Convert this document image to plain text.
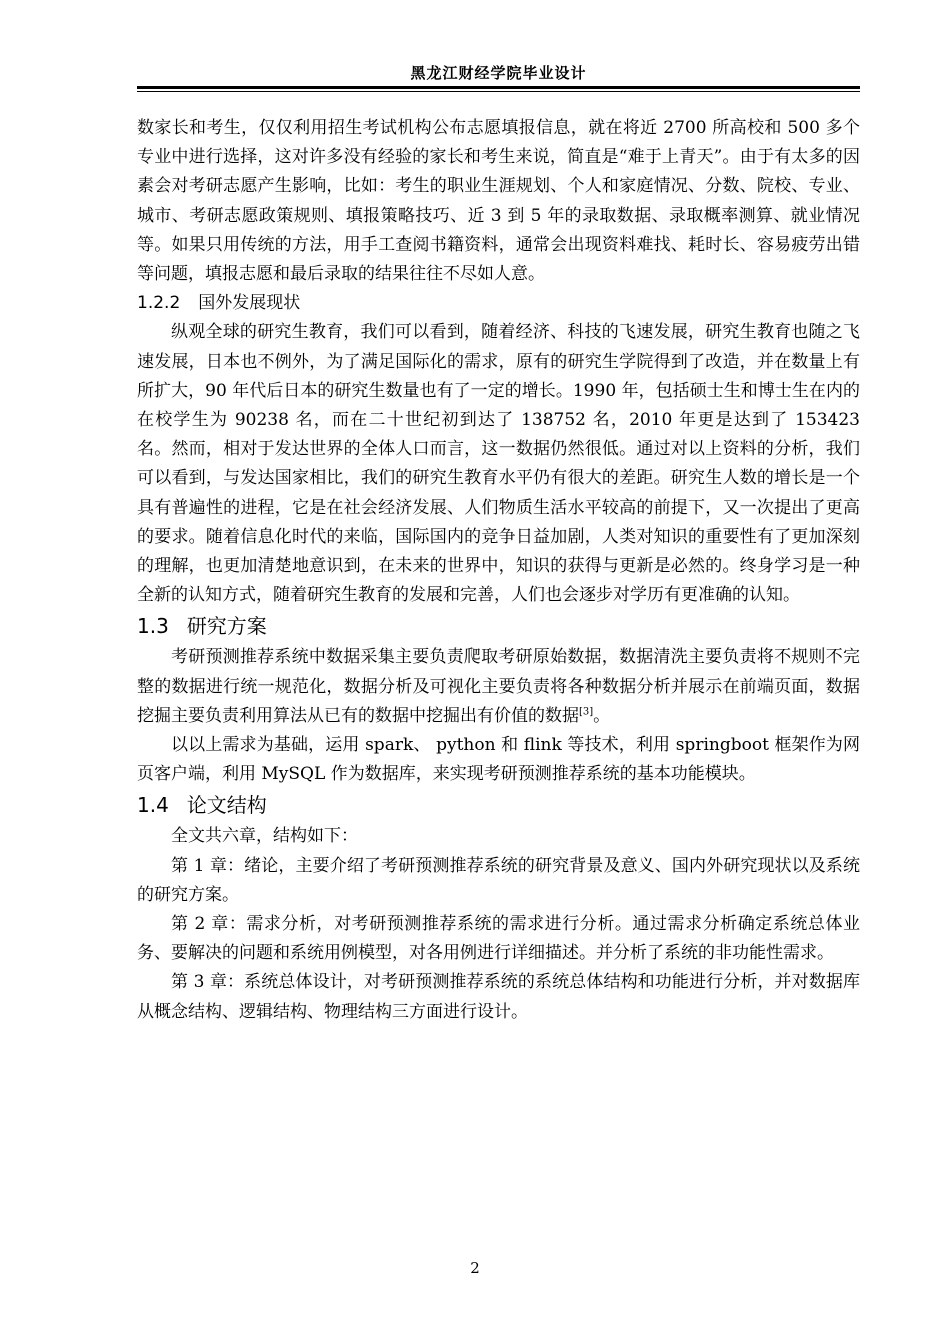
黑龙江财经学院毕业设计

数家长和考生，仅仅利用招生考试机构公布志愿填报信息，就在将近 2700 所高校和 500 多个专业中进行选择，这对许多没有经验的家长和考生来说，简直是“难于上青天”。由于有太多的因素会对考研志愿产生影响，比如：考生的职业生涯规划、个人和家庭情况、分数、院校、专业、城市、考研志愿政策规则、填报策略技巧、近 3 到 5 年的录取数据、录取概率测算、就业情况等。如果只用传统的方法，用手工查阅书籍资料，通常会出现资料难找、耗时长、容易疲劳出错等问题，填报志愿和最后录取的结果往往不尽如人意。

1.2.2 国外发展现状

纵观全球的研究生教育，我们可以看到，随着经济、科技的飞速发展，研究生教育也随之飞速发展，日本也不例外，为了满足国际化的需求，原有的研究生学院得到了改造，并在数量上有所扩大，90 年代后日本的研究生数量也有了一定的增长。1990 年，包括硕士生和博士生在内的在校学生为 90238 名，而在二十世纪初到达了 138752 名，2010 年更是达到了 153423 名。然而，相对于发达世界的全体人口而言，这一数据仍然很低。通过对以上资料的分析，我们可以看到，与发达国家相比，我们的研究生教育水平仍有很大的差距。研究生人数的增长是一个具有普遍性的进程，它是在社会经济发展、人们物质生活水平较高的前提下，又一次提出了更高的要求。随着信息化时代的来临，国际国内的竞争日益加剧，人类对知识的重要性有了更加深刻的理解，也更加清楚地意识到，在未来的世界中，知识的获得与更新是必然的。终身学习是一种全新的认知方式，随着研究生教育的发展和完善，人们也会逐步对学历有更准确的认知。

1.3 研究方案

考研预测推荐系统中数据采集主要负责爬取考研原始数据，数据清洗主要负责将不规则不完整的数据进行统一规范化，数据分析及可视化主要负责将各种数据分析并展示在前端页面，数据挖掘主要负责利用算法从已有的数据中挖掘出有价值的数据[3]。

以以上需求为基础，运用 spark、 python 和 flink 等技术，利用 springboot 框架作为网页客户端，利用 MySQL 作为数据库，来实现考研预测推荐系统的基本功能模块。

1.4 论文结构

全文共六章，结构如下：

第 1 章：绪论，主要介绍了考研预测推荐系统的研究背景及意义、国内外研究现状以及系统的研究方案。

第 2 章：需求分析，对考研预测推荐系统的需求进行分析。通过需求分析确定系统总体业务、要解决的问题和系统用例模型，对各用例进行详细描述。并分析了系统的非功能性需求。

第 3 章：系统总体设计，对考研预测推荐系统的系统总体结构和功能进行分析，并对数据库从概念结构、逻辑结构、物理结构三方面进行设计。

2
